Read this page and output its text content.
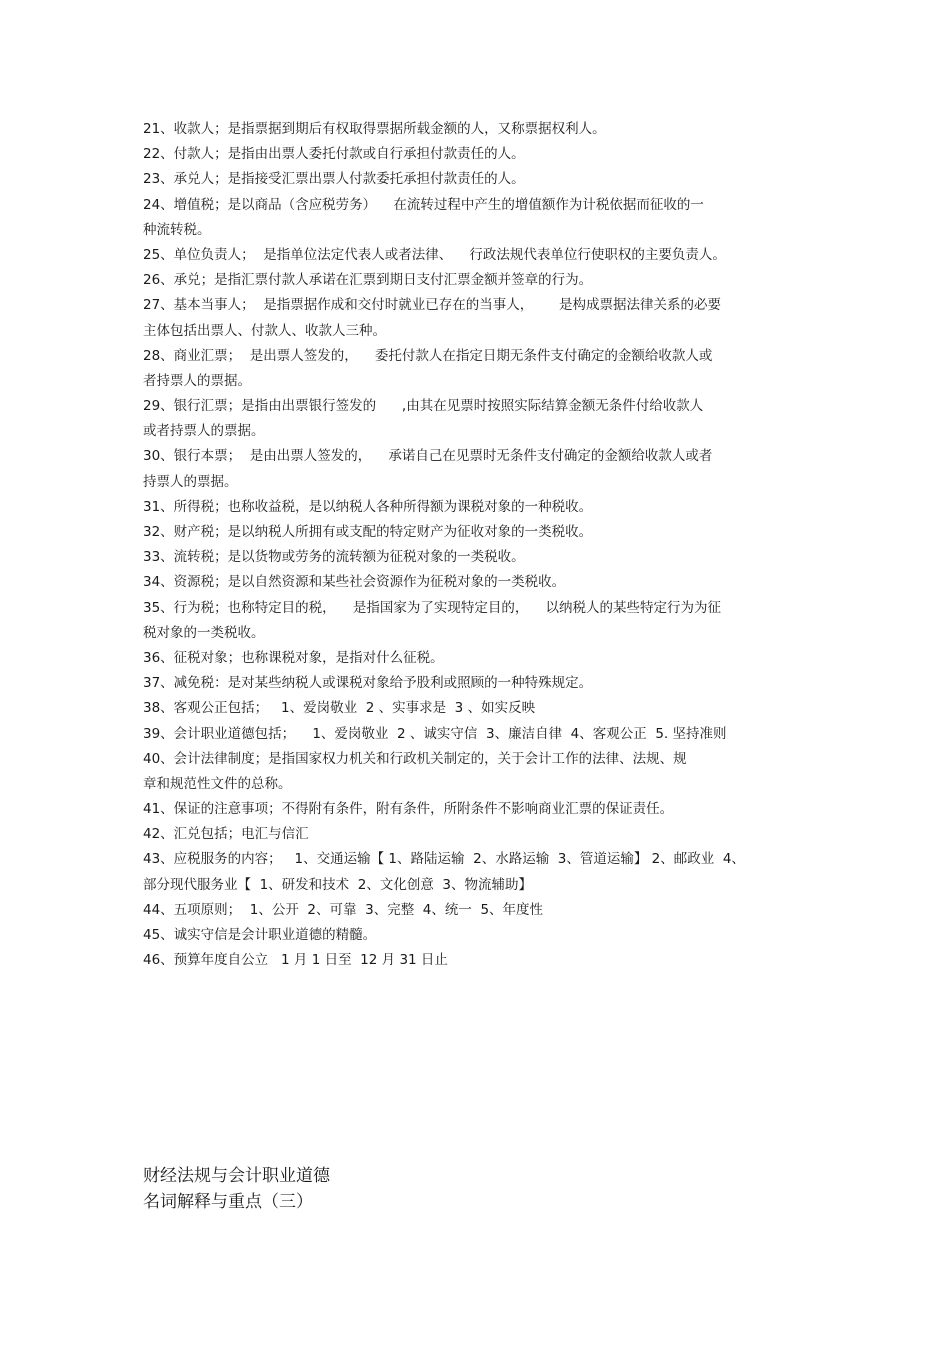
21、收款人；是指票据到期后有权取得票据所载金额的人，又称票据权利人。
22、付款人；是指由出票人委托付款或自行承担付款责任的人。
23、承兑人；是指接受汇票出票人付款委托承担付款责任的人。
24、增值税；是以商品（含应税劳务）    在流转过程中产生的增值额作为计税依据而征收的一
种流转税。
25、单位负责人；  是指单位法定代表人或者法律、    行政法规代表单位行使职权的主要负责人。
26、承兑；是指汇票付款人承诺在汇票到期日支付汇票金额并签章的行为。
27、基本当事人；  是指票据作成和交付时就业已存在的当事人，      是构成票据法律关系的必要
主体包括出票人、付款人、收款人三种。
28、商业汇票；  是出票人签发的，    委托付款人在指定日期无条件支付确定的金额给收款人或
者持票人的票据。
29、银行汇票；是指由出票银行签发的      ,由其在见票时按照实际结算金额无条件付给收款人
或者持票人的票据。
30、银行本票；  是由出票人签发的，    承诺自己在见票时无条件支付确定的金额给收款人或者
持票人的票据。
31、所得税；也称收益税，是以纳税人各种所得额为课税对象的一种税收。
32、财产税；是以纳税人所拥有或支配的特定财产为征收对象的一类税收。
33、流转税；是以货物或劳务的流转额为征税对象的一类税收。
34、资源税；是以自然资源和某些社会资源作为征税对象的一类税收。
35、行为税；也称特定目的税，    是指国家为了实现特定目的，    以纳税人的某些特定行为为征
税对象的一类税收。
36、征税对象；也称课税对象，是指对什么征税。
37、减免税：是对某些纳税人或课税对象给予股利或照顾的一种特殊规定。
38、客观公正包括；   1、爱岗敬业  2 、实事求是  3 、如实反映
39、会计职业道德包括；    1、爱岗敬业  2 、诚实守信  3、廉洁自律  4、客观公正  5. 坚持准则
40、会计法律制度；是指国家权力机关和行政机关制定的，关于会计工作的法律、法规、规
章和规范性文件的总称。
41、保证的注意事项；不得附有条件，附有条件，所附条件不影响商业汇票的保证责任。
42、汇兑包括；电汇与信汇
43、应税服务的内容；   1、交通运输【 1、路陆运输  2、水路运输  3、管道运输】 2、邮政业  4、
部分现代服务业【  1、研发和技术  2、文化创意  3、物流辅助】
44、五项原则；  1、公开  2、可靠  3、完整  4、统一  5、年度性
45、诚实守信是会计职业道德的精髓。
46、预算年度自公立   1 月 1 日至  12 月 31 日止
财经法规与会计职业道德
名词解释与重点（三）
